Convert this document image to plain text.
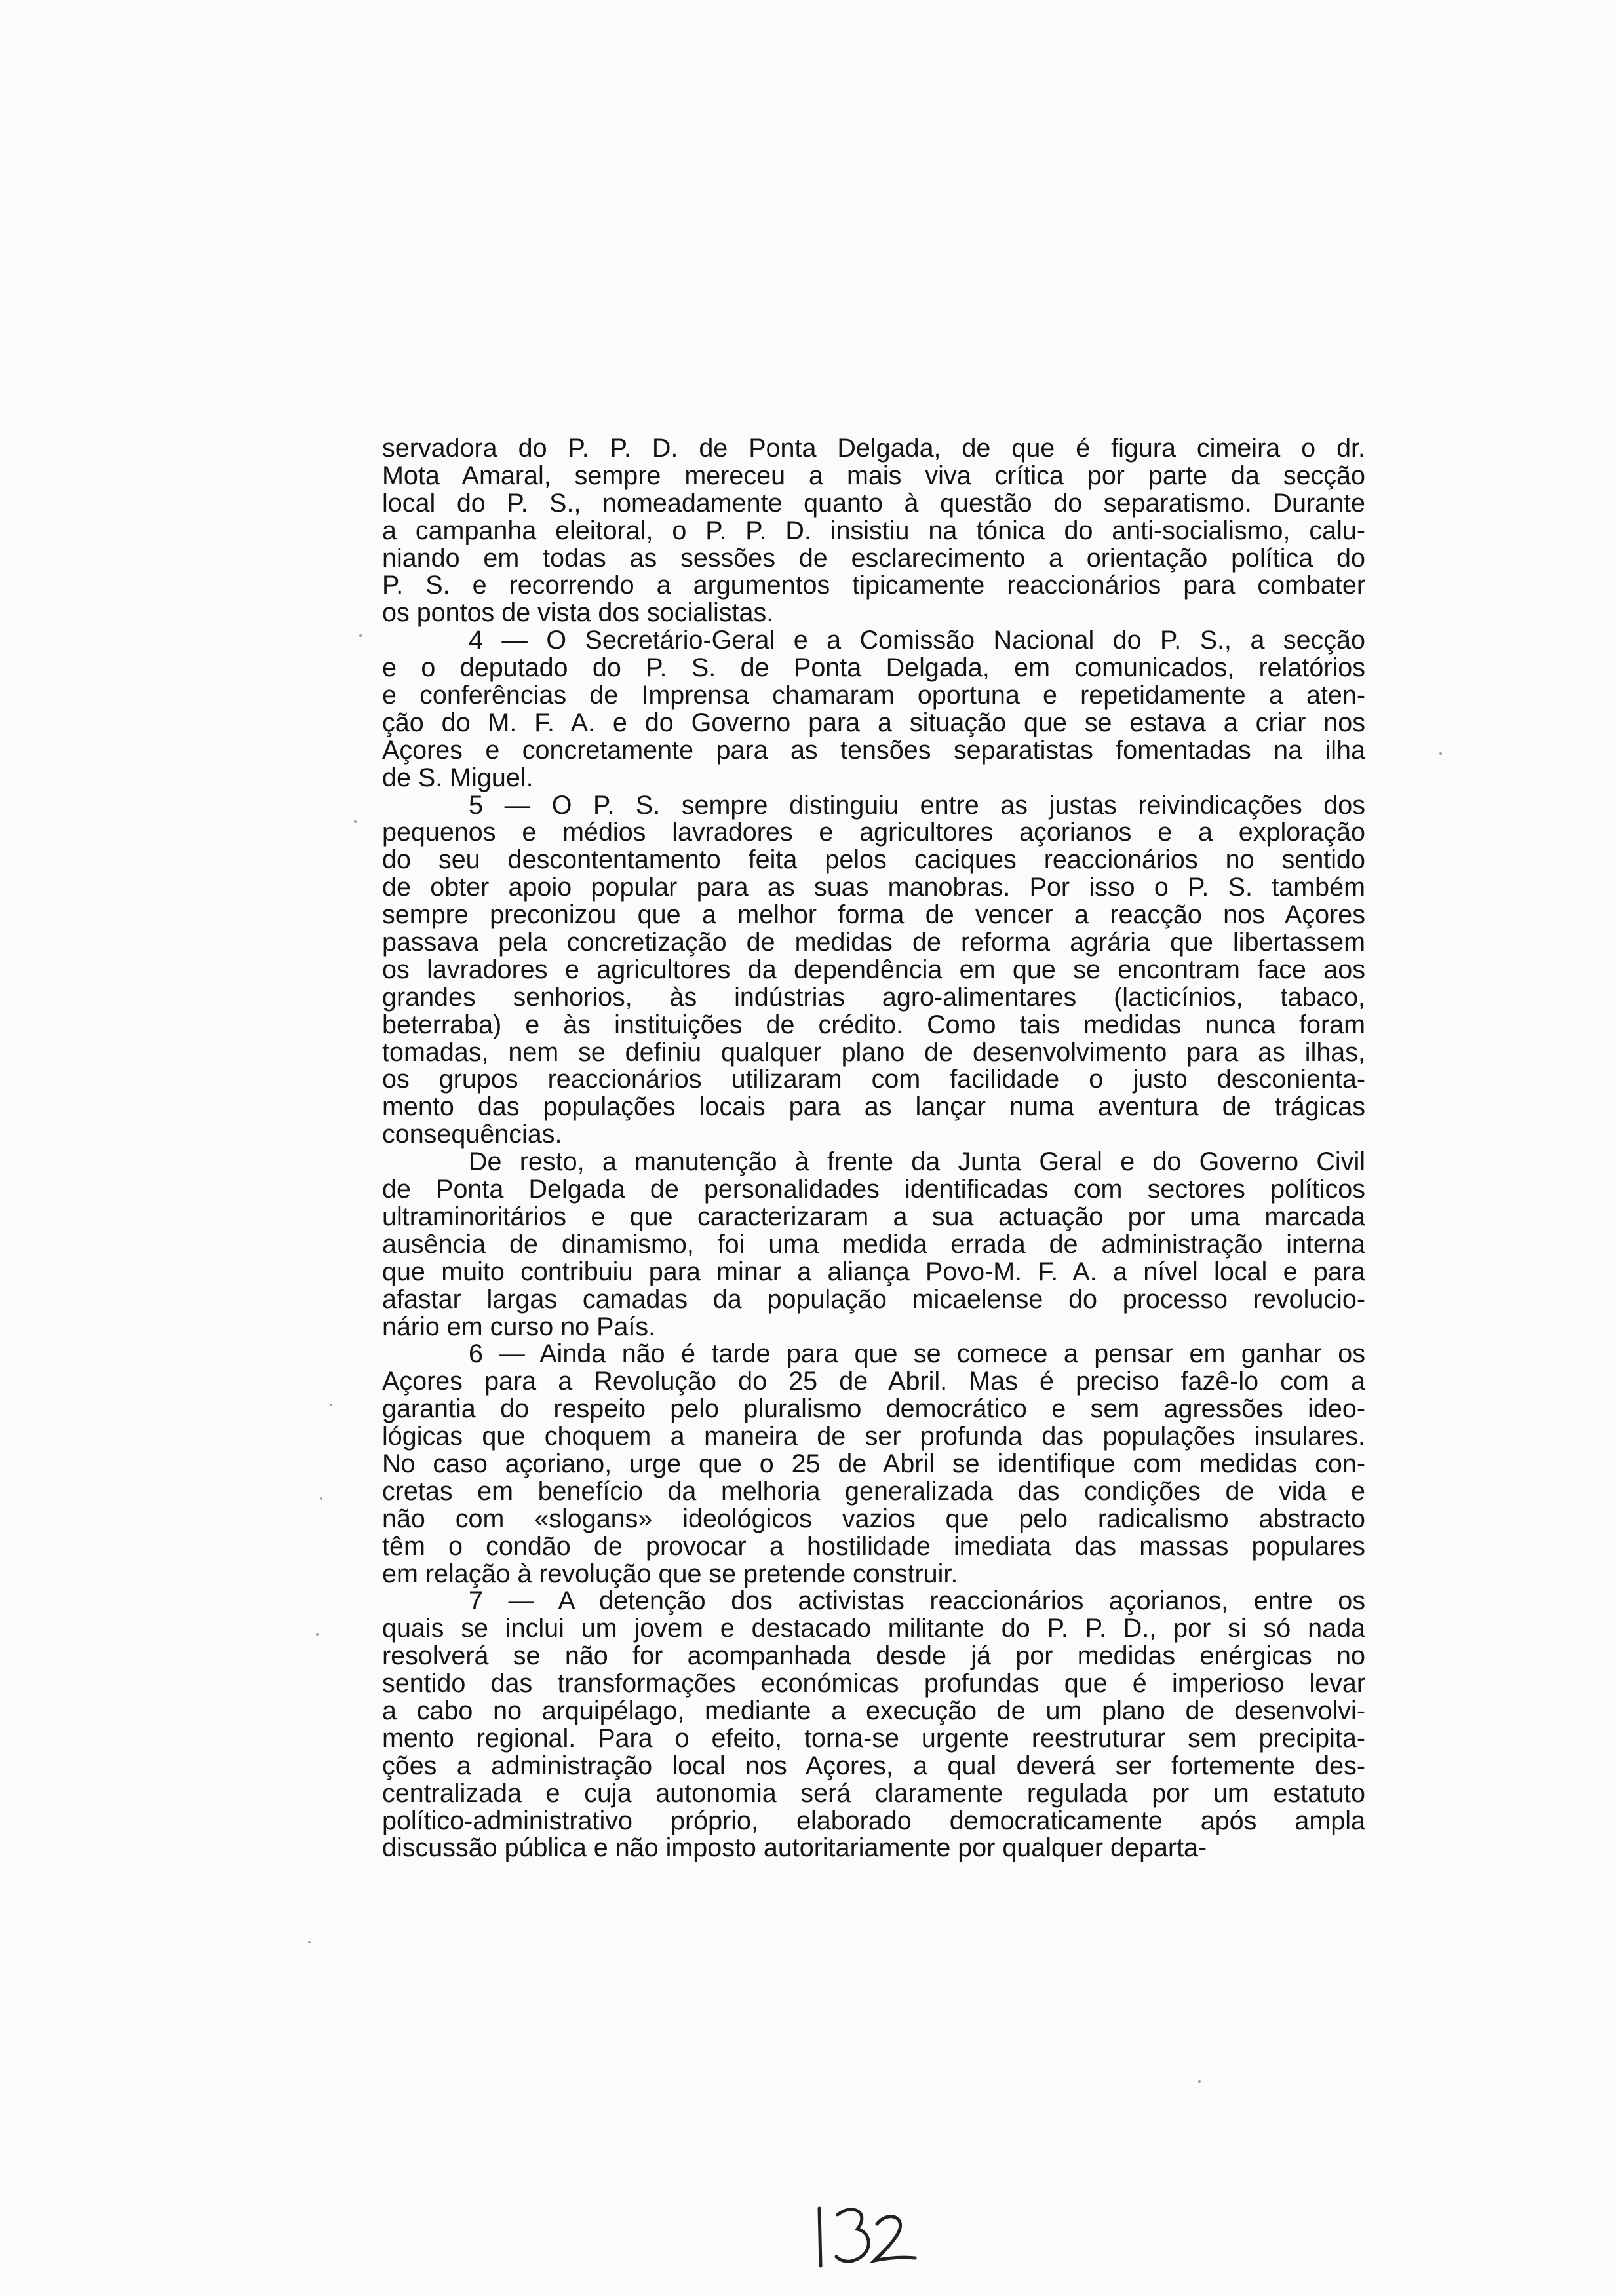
servadora do P. P. D. de Ponta Delgada, de que é figura cimeira o dr.
Mota Amaral, sempre mereceu a mais viva crítica por parte da secção
local do P. S., nomeadamente quanto à questão do separatismo. Durante
a campanha eleitoral, o P. P. D. insistiu na tónica do anti-socialismo, calu-
niando em todas as sessões de esclarecimento a orientação política do
P. S. e recorrendo a argumentos tipicamente reaccionários para combater
os pontos de vista dos socialistas.
4 — O Secretário-Geral e a Comissão Nacional do P. S., a secção
e o deputado do P. S. de Ponta Delgada, em comunicados, relatórios
e conferências de Imprensa chamaram oportuna e repetidamente a aten-
ção do M. F. A. e do Governo para a situação que se estava a criar nos
Açores e concretamente para as tensões separatistas fomentadas na ilha
de S. Miguel.
5 — O P. S. sempre distinguiu entre as justas reivindicações dos
pequenos e médios lavradores e agricultores açorianos e a exploração
do seu descontentamento feita pelos caciques reaccionários no sentido
de obter apoio popular para as suas manobras. Por isso o P. S. também
sempre preconizou que a melhor forma de vencer a reacção nos Açores
passava pela concretização de medidas de reforma agrária que libertassem
os lavradores e agricultores da dependência em que se encontram face aos
grandes senhorios, às indústrias agro-alimentares (lacticínios, tabaco,
beterraba) e às instituições de crédito. Como tais medidas nunca foram
tomadas, nem se definiu qualquer plano de desenvolvimento para as ilhas,
os grupos reaccionários utilizaram com facilidade o justo desconienta-
mento das populações locais para as lançar numa aventura de trágicas
consequências.
De resto, a manutenção à frente da Junta Geral e do Governo Civil
de Ponta Delgada de personalidades identificadas com sectores políticos
ultraminoritários e que caracterizaram a sua actuação por uma marcada
ausência de dinamismo, foi uma medida errada de administração interna
que muito contribuiu para minar a aliança Povo-M. F. A. a nível local e para
afastar largas camadas da população micaelense do processo revolucio-
nário em curso no País.
6 — Ainda não é tarde para que se comece a pensar em ganhar os
Açores para a Revolução do 25 de Abril. Mas é preciso fazê-lo com a
garantia do respeito pelo pluralismo democrático e sem agressões ideo-
lógicas que choquem a maneira de ser profunda das populações insulares.
No caso açoriano, urge que o 25 de Abril se identifique com medidas con-
cretas em benefício da melhoria generalizada das condições de vida e
não com «slogans» ideológicos vazios que pelo radicalismo abstracto
têm o condão de provocar a hostilidade imediata das massas populares
em relação à revolução que se pretende construir.
7 — A detenção dos activistas reaccionários açorianos, entre os
quais se inclui um jovem e destacado militante do P. P. D., por si só nada
resolverá se não for acompanhada desde já por medidas enérgicas no
sentido das transformações económicas profundas que é imperioso levar
a cabo no arquipélago, mediante a execução de um plano de desenvolvi-
mento regional. Para o efeito, torna-se urgente reestruturar sem precipita-
ções a administração local nos Açores, a qual deverá ser fortemente des-
centralizada e cuja autonomia será claramente regulada por um estatuto
político-administrativo próprio, elaborado democraticamente após ampla
discussão pública e não imposto autoritariamente por qualquer departa-
